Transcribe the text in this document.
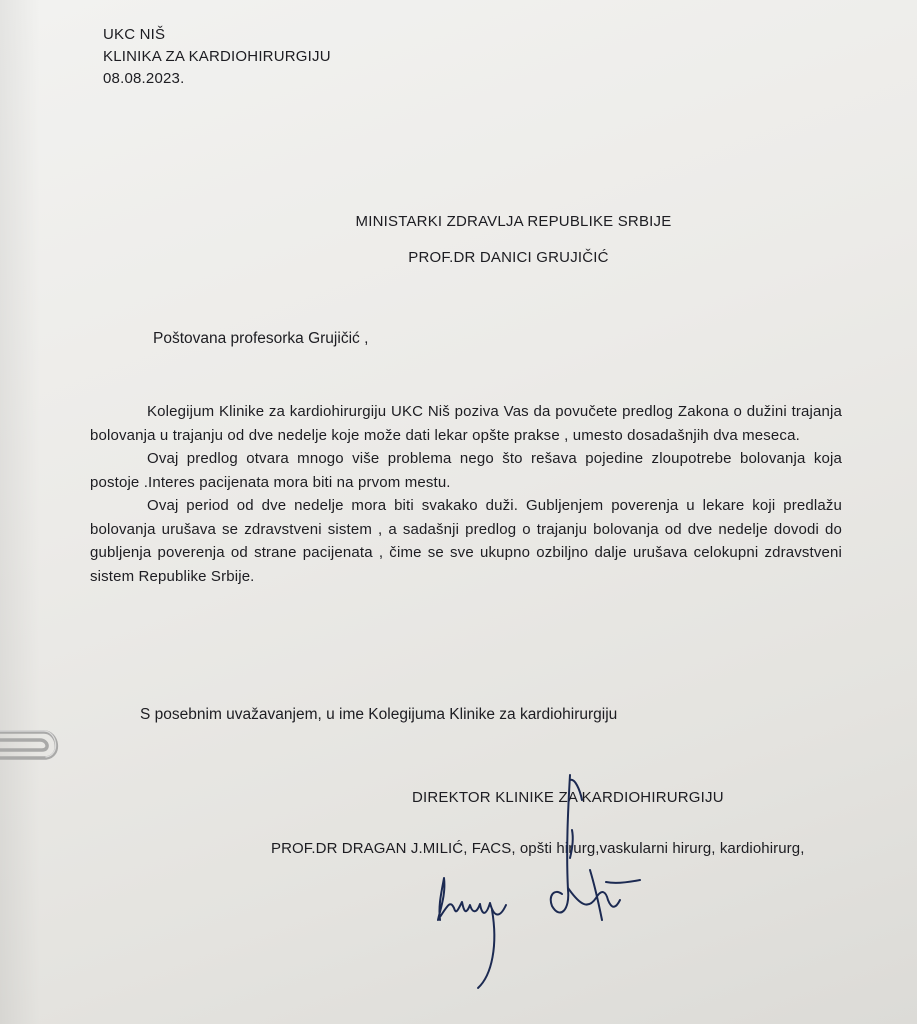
UKC NIŠ
KLINIKA ZA KARDIOHIRURGIJU
08.08.2023.
MINISTARKI ZDRAVLJA REPUBLIKE SRBIJE
PROF.DR DANICI GRUJIČIĆ
Poštovana profesorka Grujičić ,

Kolegijum Klinike za kardiohirurgiju UKC Niš poziva Vas da povučete predlog Zakona o dužini trajanja bolovanja u trajanju od dve nedelje koje može dati lekar opšte prakse , umesto dosadašnjih dva meseca.

Ovaj predlog otvara mnogo više problema nego što rešava pojedine zloupotrebe bolovanja koja postoje .Interes pacijenata mora biti na prvom mestu.

Ovaj period od dve nedelje mora biti svakako duži. Gubljenjem poverenja u lekare koji predlažu bolovanja urušava se zdravstveni sistem , a sadašnji predlog o trajanju bolovanja od dve nedelje dovodi do gubljenja poverenja od strane pacijenata , čime se sve ukupno ozbiljno dalje urušava celokupni zdravstveni sistem Republike Srbije.

S posebnim uvažavanjem, u ime Kolegijuma Klinike za kardiohirurgiju
DIREKTOR KLINIKE ZA KARDIOHIRURGIJU
PROF.DR DRAGAN J.MILIĆ, FACS, opšti hirurg,vaskularni hirurg, kardiohirurg,
